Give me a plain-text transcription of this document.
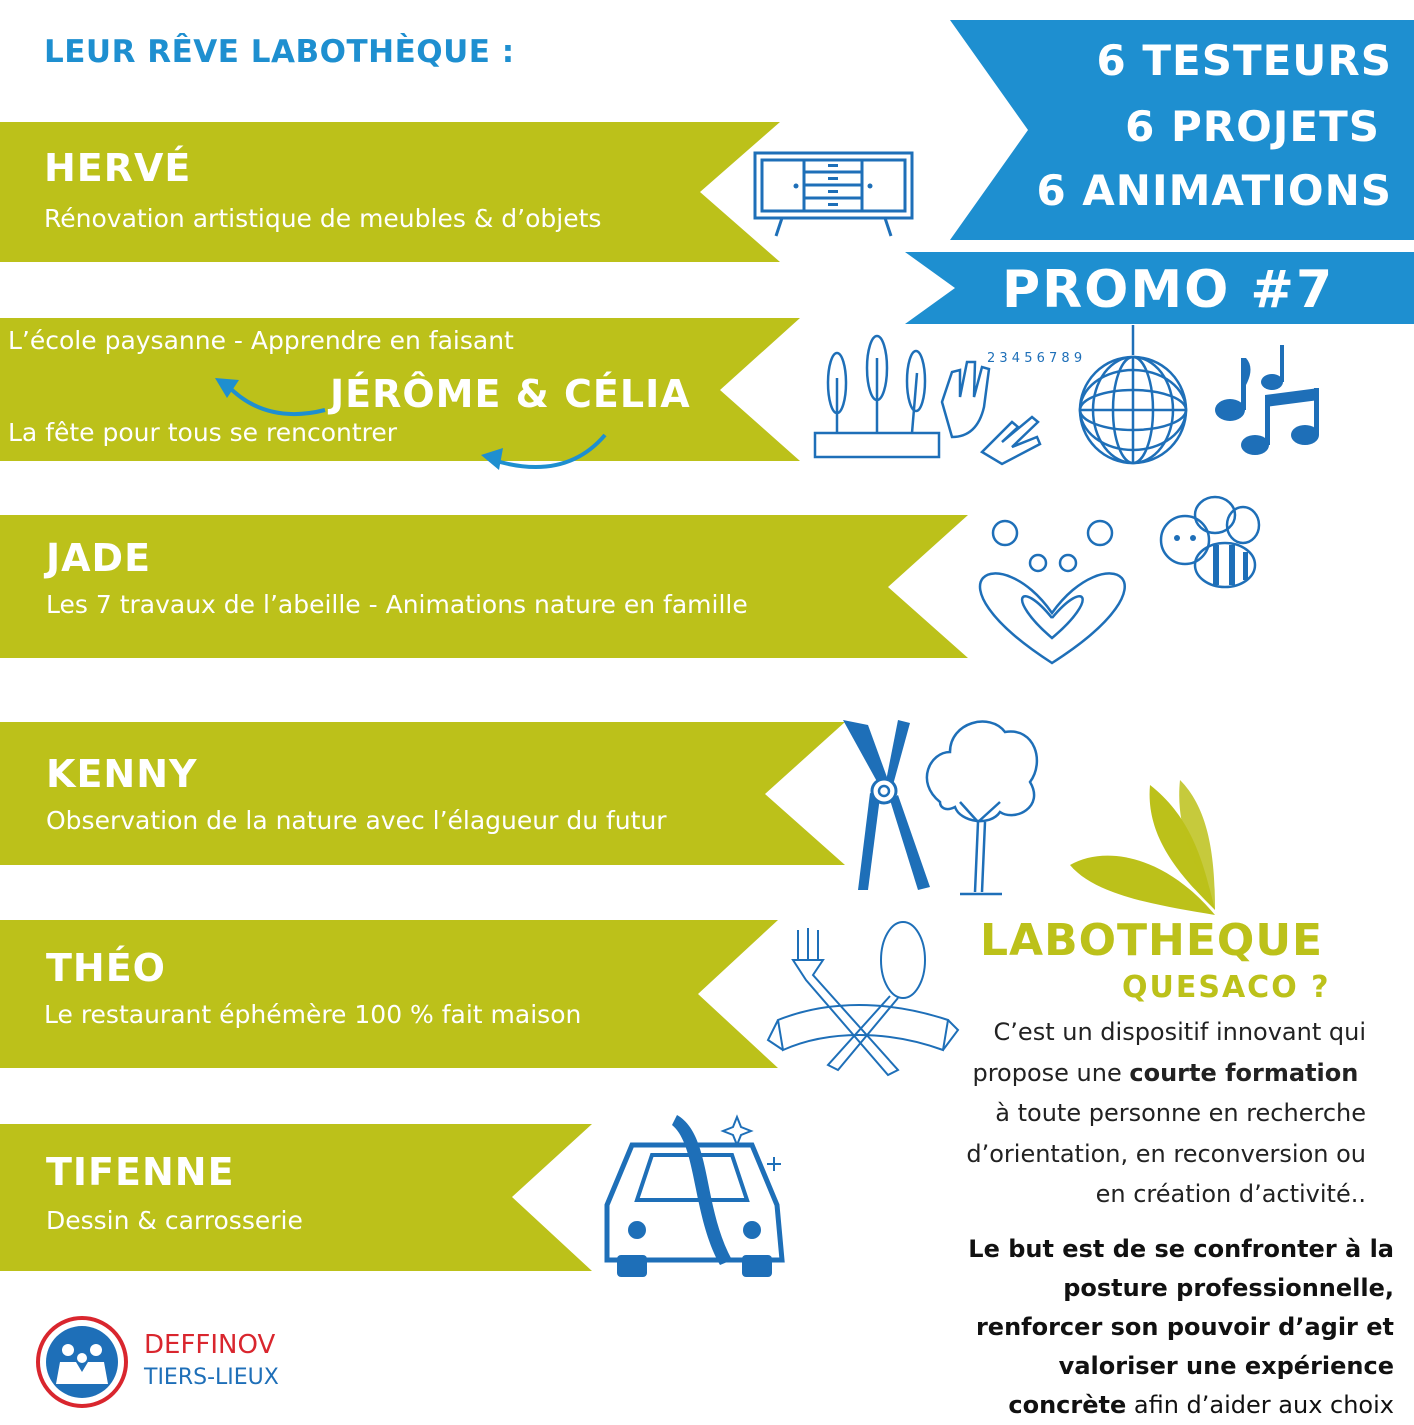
LEUR RÊVE LABOTHÈQUE :	6 TESTEURS
6 PROJETS
6 ANIMATIONS
PROMO #7
HERVÉ
Rénovation artistique de meubles & d’objets
L’école paysanne - Apprendre en faisant
JÉRÔME & CÉLIA
La fête pour tous se rencontrer
JADE
Les 7 travaux de l’abeille - Animations nature en famille
KENNY
Observation de la nature avec l’élagueur du futur
THÉO
Le restaurant éphémère 100 % fait maison
TIFENNE
Dessin & carrosserie
2 3 4 5 6 7 8 9
LABOTHEQUE
QUESACO ?
C’est un dispositif innovant qui
propose une courte formation
à toute personne en recherche
d’orientation, en reconversion ou
en création d’activité..
Le but est de se confronter à la
posture professionnelle,
renforcer son pouvoir d’agir et
valoriser une expérience
concrète afin d’aider aux choix
DEFFINOV
TIERS-LIEUX
